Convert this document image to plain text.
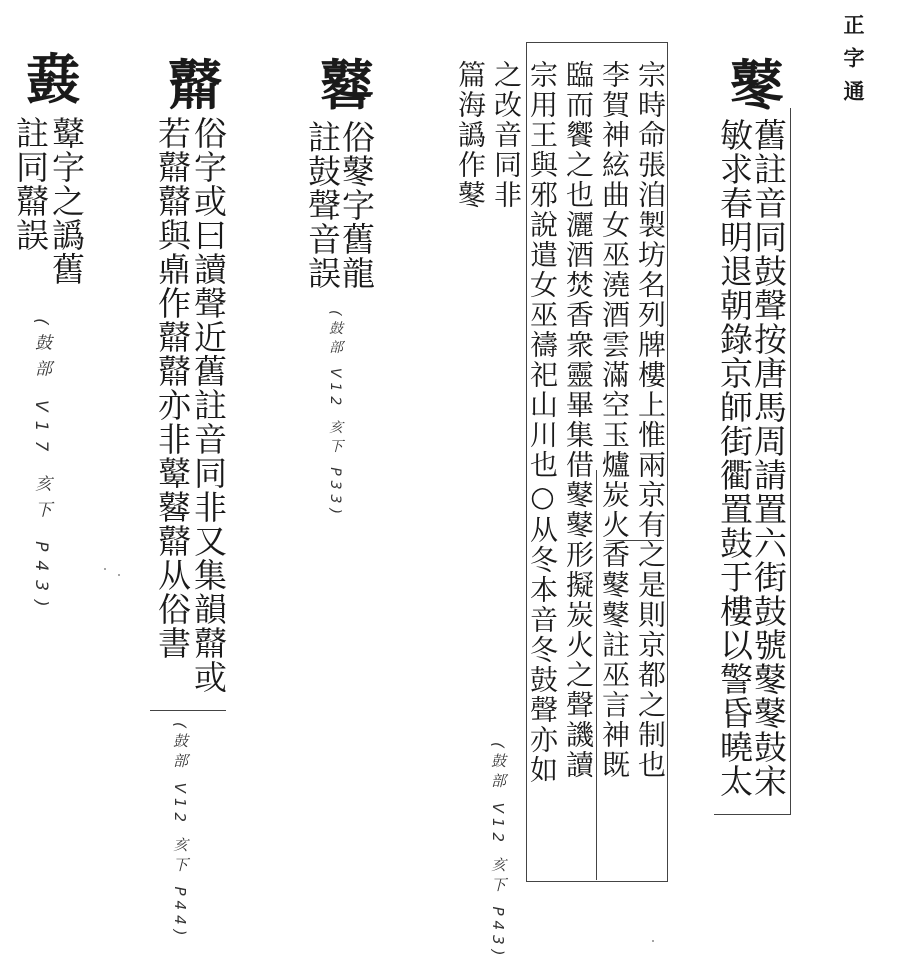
正字通
鼕
舊註音同鼓聲按唐馬周請置六街鼓號鼕鼕鼓宋
敏求春明退朝錄京師街衢置鼓于樓以警昏曉太
宗時命張洎製坊名列牌樓上惟兩京有之是則京都之制也
李賀神絃曲女巫澆酒雲滿空玉爐炭火香鼕鼕註巫言神既
臨而饗之也灑酒焚香衆靈畢集借鼕鼕形擬炭火之聲譏讀
宗用王與邪說遣女巫禱祀山川也○从冬本音冬鼓聲亦如
之改音同非
篇海譌作鼕
(鼓部 V12 亥下 P43)
鼛
俗鼕字舊龍
註鼓聲音誤
(鼓部 V12 亥下 P33)
鼘
俗字或曰讀聲近舊註音同非又集韻鼘或
若鼘鼘與鼑作鼘鼘亦非鼙鼛鼘从俗書
(鼓部 V12 亥下 P44)
鼖
鼙字之譌舊
註同鼘誤
(鼓部 V17 亥下 P43)
